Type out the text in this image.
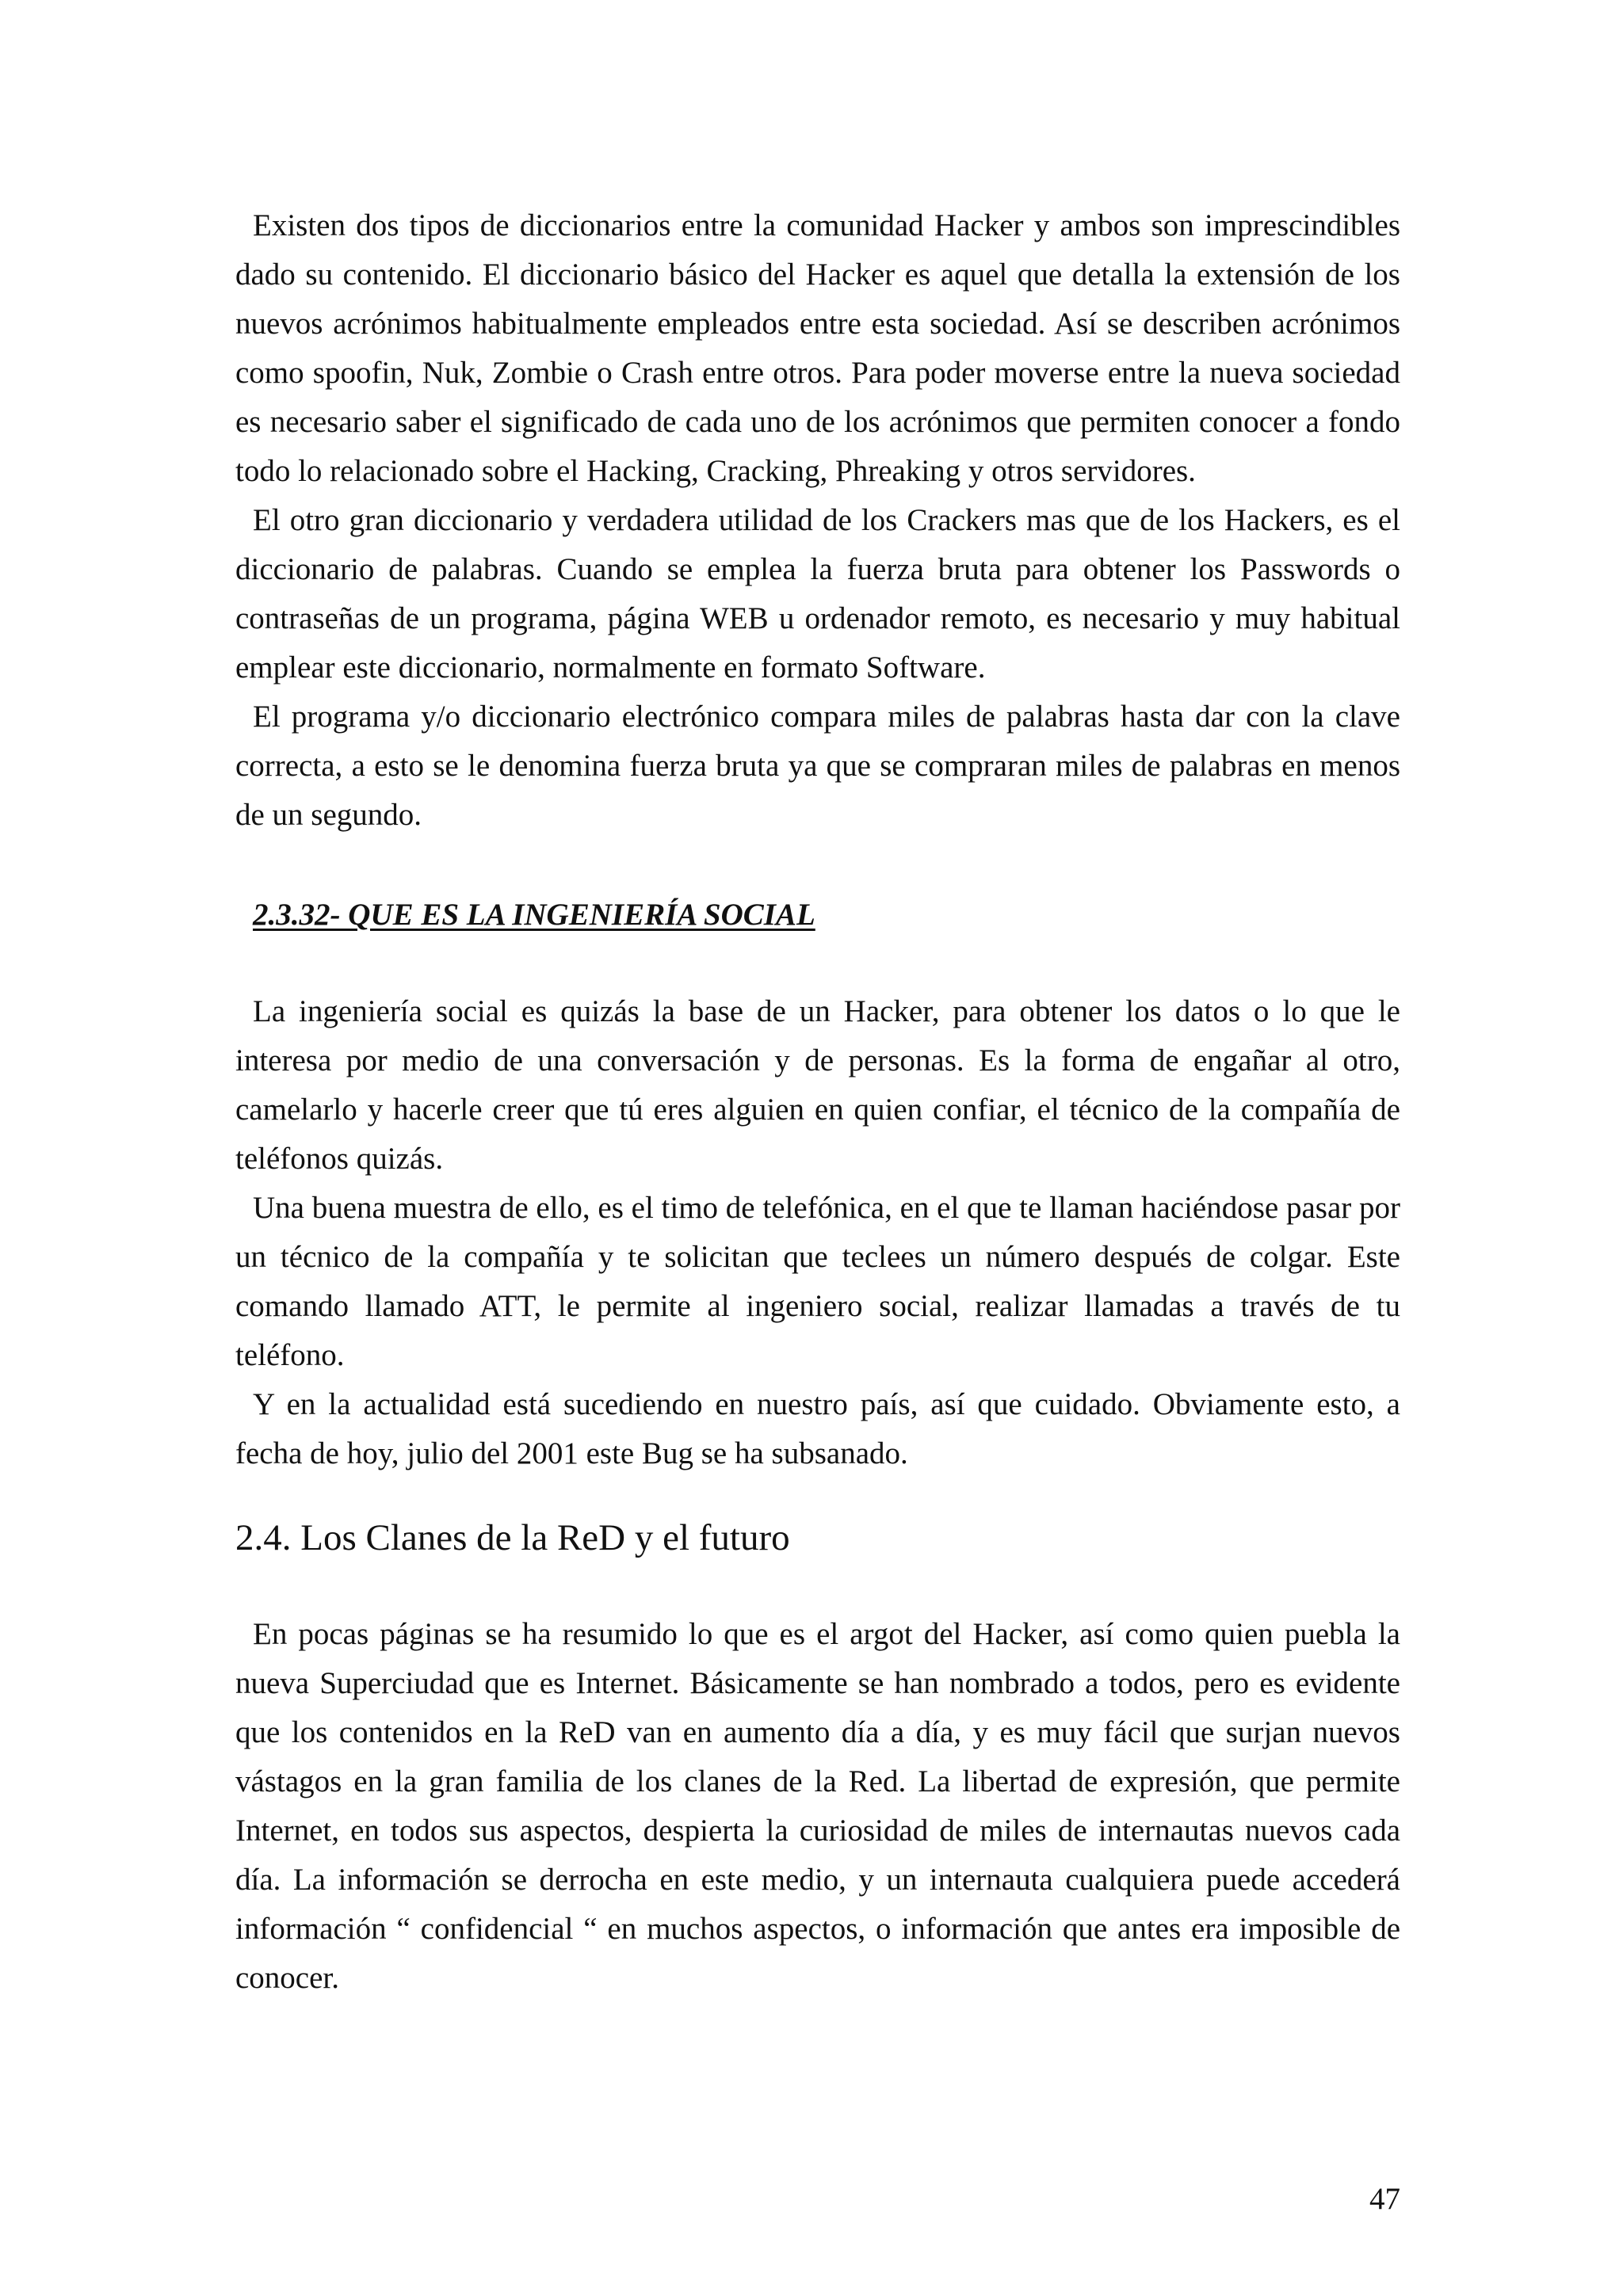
Existen dos tipos de diccionarios entre la comunidad Hacker y ambos son imprescindibles dado su contenido. El diccionario básico del Hacker es aquel que detalla la extensión de los nuevos acrónimos habitualmente empleados entre esta sociedad. Así se describen acrónimos como spoofin, Nuk, Zombie o Crash entre otros. Para poder moverse entre la nueva sociedad es necesario saber el significado de cada uno de los acrónimos que permiten conocer a fondo todo lo relacionado sobre el Hacking, Cracking, Phreaking y otros servidores.

El otro gran diccionario y verdadera utilidad de los Crackers mas que de los Hackers, es el diccionario de palabras. Cuando se emplea la fuerza bruta para obtener los Passwords o contraseñas de un programa, página WEB u ordenador remoto, es necesario y muy habitual emplear este diccionario, normalmente en formato Software.

El programa y/o diccionario electrónico compara miles de palabras hasta dar con la clave correcta, a esto se le denomina fuerza bruta ya que se compraran miles de palabras en menos de un segundo.

2.3.32- QUE ES LA INGENIERÍA SOCIAL

La ingeniería social es quizás la base de un Hacker, para obtener los datos o lo que le interesa por medio de una conversación y de personas. Es la forma de engañar al otro, camelarlo y hacerle creer que tú eres alguien en quien confiar, el técnico de la compañía de teléfonos quizás.

Una buena muestra de ello, es el timo de telefónica, en el que te llaman haciéndose pasar por un técnico de la compañía y te solicitan que teclees un número después de colgar. Este comando llamado ATT, le permite al ingeniero social, realizar llamadas a través de tu teléfono.

Y en la actualidad está sucediendo en nuestro país, así que cuidado. Obviamente esto, a fecha de hoy, julio del 2001 este Bug se ha subsanado.

2.4. Los Clanes de la ReD y el futuro

En pocas páginas se ha resumido lo que es el argot del Hacker, así como quien puebla la nueva Superciudad que es Internet. Básicamente se han nombrado a todos, pero es evidente que los contenidos en la ReD van en aumento día a día, y es muy fácil que surjan nuevos vástagos en la gran familia de los clanes de la Red. La libertad de expresión, que permite Internet, en todos sus aspectos, despierta la curiosidad de miles de internautas nuevos cada día. La información se derrocha en este medio, y un internauta cualquiera puede accederá información “ confidencial “ en muchos aspectos, o información que antes era imposible de conocer.

47
